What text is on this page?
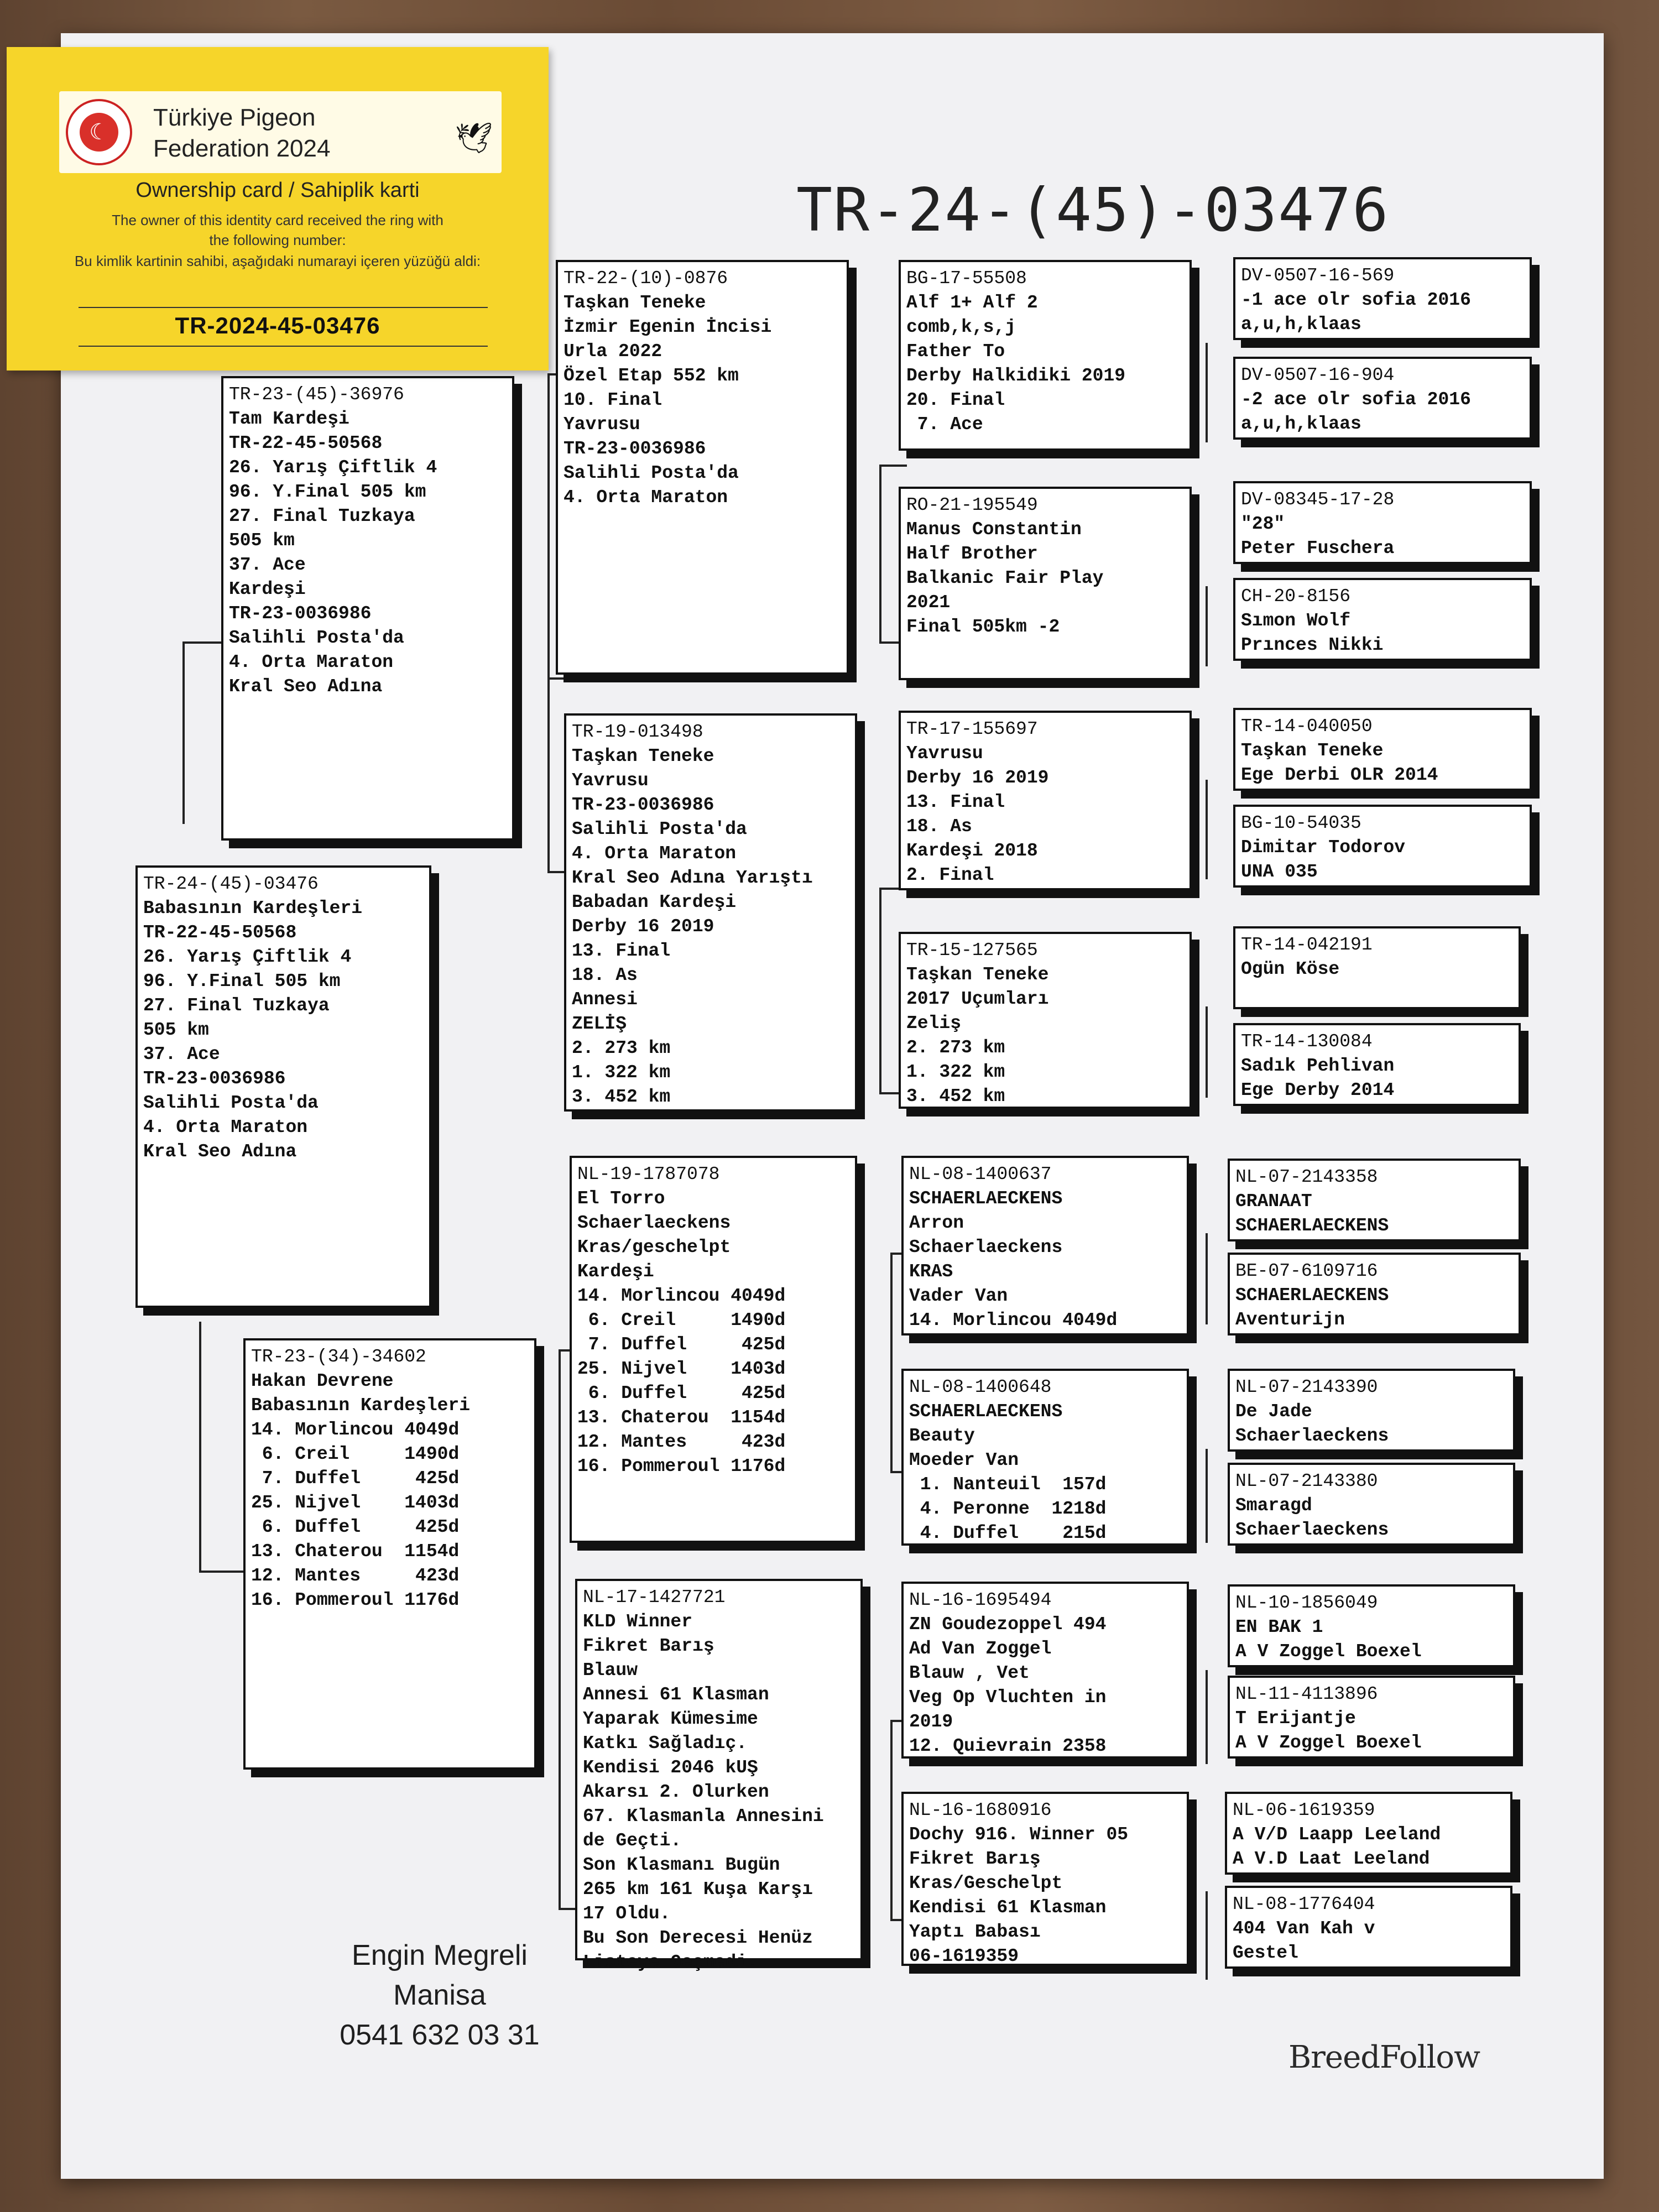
TR-24-(45)-03476
Engin Megreli
Manisa
0541 632 03 31
BreedFollow
TR-24-(45)-03476
Babasının Kardeşleri
TR-22-45-50568
26. Yarış Çiftlik 4
96. Y.Final 505 km
27. Final Tuzkaya
505 km
37. Ace
TR-23-0036986
Salihli Posta'da
4. Orta Maraton
Kral Seo Adına
TR-23-(45)-36976
Tam Kardeşi
TR-22-45-50568
26. Yarış Çiftlik 4
96. Y.Final 505 km
27. Final Tuzkaya
505 km
37. Ace
Kardeşi
TR-23-0036986
Salihli Posta'da
4. Orta Maraton
Kral Seo Adına
TR-23-(34)-34602
Hakan Devrene
Babasının Kardeşleri
14. Morlincou 4049d
6. Creil     1490d
7. Duffel     425d
25. Nijvel    1403d
6. Duffel     425d
13. Chaterou  1154d
12. Mantes     423d
16. Pommeroul 1176d
TR-22-(10)-0876
Taşkan Teneke
İzmir Egenin İncisi
Urla 2022
Özel Etap 552 km
10. Final
Yavrusu
TR-23-0036986
Salihli Posta'da
4. Orta Maraton
TR-19-013498
Taşkan Teneke
Yavrusu
TR-23-0036986
Salihli Posta'da
4. Orta Maraton
Kral Seo Adına Yarıştı
Babadan Kardeşi
Derby 16 2019
13. Final
18. As
Annesi
ZELİŞ
2. 273 km
1. 322 km
3. 452 km
NL-19-1787078
El Torro
Schaerlaeckens
Kras/geschelpt
Kardeşi
14. Morlincou 4049d
6. Creil     1490d
7. Duffel     425d
25. Nijvel    1403d
6. Duffel     425d
13. Chaterou  1154d
12. Mantes     423d
16. Pommeroul 1176d
NL-17-1427721
KLD Winner
Fikret Barış
Blauw
Annesi 61 Klasman
Yaparak Kümesime
Katkı Sağladıç.
Kendisi 2046 kUŞ
Akarsı 2. Olurken
67. Klasmanla Annesini
de Geçti.
Son Klasmanı Bugün
265 km 161 Kuşa Karşı
17 Oldu.
Bu Son Derecesi Henüz
Listeye Geçmedi.
BG-17-55508
Alf 1+ Alf 2
comb,k,s,j
Father To
Derby Halkidiki 2019
20. Final
7. Ace
RO-21-195549
Manus Constantin
Half Brother
Balkanic Fair Play
2021
Final 505km -2
TR-17-155697
Yavrusu
Derby 16 2019
13. Final
18. As
Kardeşi 2018
2. Final
TR-15-127565
Taşkan Teneke
2017 Uçumları
Zeliş
2. 273 km
1. 322 km
3. 452 km
NL-08-1400637
SCHAERLAECKENS
Arron
Schaerlaeckens
KRAS
Vader Van
14. Morlincou 4049d
NL-08-1400648
SCHAERLAECKENS
Beauty
Moeder Van
1. Nanteuil  157d
4. Peronne  1218d
4. Duffel    215d
NL-16-1695494
ZN Goudezoppel 494
Ad Van Zoggel
Blauw , Vet
Veg Op Vluchten in
2019
12. Quievrain 2358
NL-16-1680916
Dochy 916. Winner 05
Fikret Barış
Kras/Geschelpt
Kendisi 61 Klasman
Yaptı Babası
06-1619359
DV-0507-16-569
-1 ace olr sofia 2016
a,u,h,klaas
DV-0507-16-904
-2 ace olr sofia 2016
a,u,h,klaas
DV-08345-17-28
"28"
Peter Fuschera
CH-20-8156
Sımon Wolf
Prınces Nikki
TR-14-040050
Taşkan Teneke
Ege Derbi OLR 2014
BG-10-54035
Dimitar Todorov
UNA 035
TR-14-042191
Ogün Köse
TR-14-130084
Sadık Pehlivan
Ege Derby 2014
NL-07-2143358
GRANAAT
SCHAERLAECKENS
BE-07-6109716
SCHAERLAECKENS
Aventurijn
NL-07-2143390
De Jade
Schaerlaeckens
NL-07-2143380
Smaragd
Schaerlaeckens
NL-10-1856049
EN BAK 1
A V Zoggel Boexel
NL-11-4113896
T Erijantje
A V Zoggel Boexel
NL-06-1619359
A V/D Laapp Leeland
A V.D Laat Leeland
NL-08-1776404
404 Van Kah v
Gestel
☾
Türkiye Pigeon
Federation 2024	🕊
Ownership card / Sahiplik karti
The owner of this identity card received the ring with
the following number:
Bu kimlik kartinin sahibi, aşağıdaki numarayi içeren yüzüğü aldi:
TR-2024-45-03476
